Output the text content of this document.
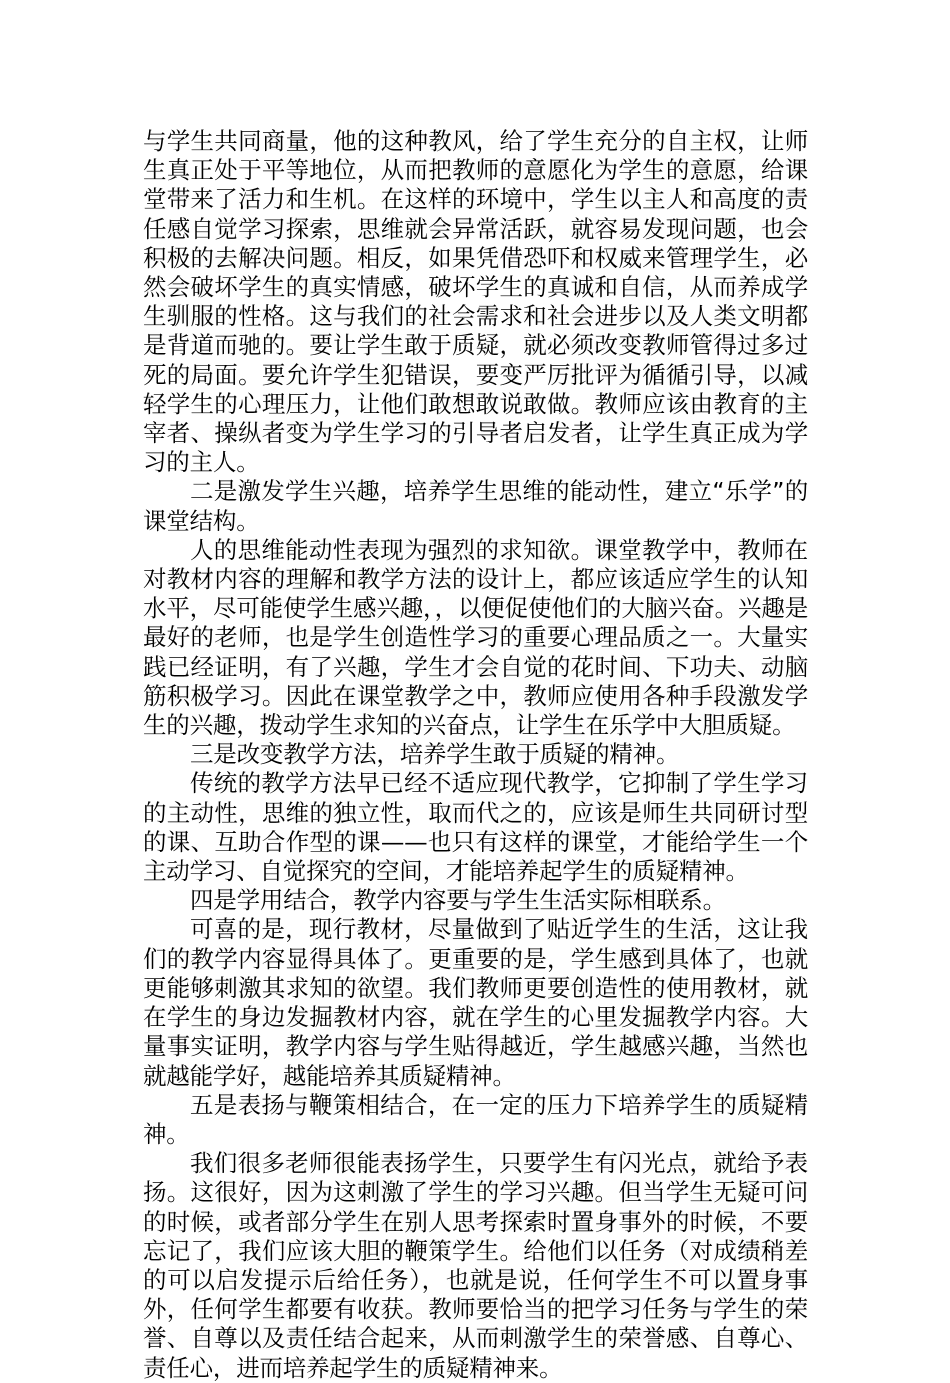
与学生共同商量，他的这种教风，给了学生充分的自主权，让师生真正处于平等地位，从而把教师的意愿化为学生的意愿，给课堂带来了活力和生机。在这样的环境中，学生以主人和高度的责任感自觉学习探索，思维就会异常活跃，就容易发现问题，也会积极的去解决问题。相反，如果凭借恐吓和权威来管理学生，必然会破坏学生的真实情感，破坏学生的真诚和自信，从而养成学生驯服的性格。这与我们的社会需求和社会进步以及人类文明都是背道而驰的。要让学生敢于质疑，就必须改变教师管得过多过死的局面。要允许学生犯错误，要变严厉批评为循循引导，以减轻学生的心理压力，让他们敢想敢说敢做。教师应该由教育的主宰者、操纵者变为学生学习的引导者启发者，让学生真正成为学习的主人。

二是激发学生兴趣，培养学生思维的能动性，建立“乐学”的课堂结构。

人的思维能动性表现为强烈的求知欲。课堂教学中，教师在对教材内容的理解和教学方法的设计上，都应该适应学生的认知水平，尽可能使学生感兴趣，，以便促使他们的大脑兴奋。兴趣是最好的老师，也是学生创造性学习的重要心理品质之一。大量实践已经证明，有了兴趣，学生才会自觉的花时间、下功夫、动脑筋积极学习。因此在课堂教学之中，教师应使用各种手段激发学生的兴趣，拨动学生求知的兴奋点，让学生在乐学中大胆质疑。

三是改变教学方法，培养学生敢于质疑的精神。

传统的教学方法早已经不适应现代教学，它抑制了学生学习的主动性，思维的独立性，取而代之的，应该是师生共同研讨型的课、互助合作型的课——也只有这样的课堂，才能给学生一个主动学习、自觉探究的空间，才能培养起学生的质疑精神。

四是学用结合，教学内容要与学生生活实际相联系。

可喜的是，现行教材，尽量做到了贴近学生的生活，这让我们的教学内容显得具体了。更重要的是，学生感到具体了，也就更能够刺激其求知的欲望。我们教师更要创造性的使用教材，就在学生的身边发掘教材内容，就在学生的心里发掘教学内容。大量事实证明，教学内容与学生贴得越近，学生越感兴趣，当然也就越能学好，越能培养其质疑精神。

五是表扬与鞭策相结合，在一定的压力下培养学生的质疑精神。

我们很多老师很能表扬学生，只要学生有闪光点，就给予表扬。这很好，因为这刺激了学生的学习兴趣。但当学生无疑可问的时候，或者部分学生在别人思考探索时置身事外的时候，不要忘记了，我们应该大胆的鞭策学生。给他们以任务（对成绩稍差的可以启发提示后给任务），也就是说，任何学生不可以置身事外，任何学生都要有收获。教师要恰当的把学习任务与学生的荣誉、自尊以及责任结合起来，从而刺激学生的荣誉感、自尊心、责任心，进而培养起学生的质疑精神来。
